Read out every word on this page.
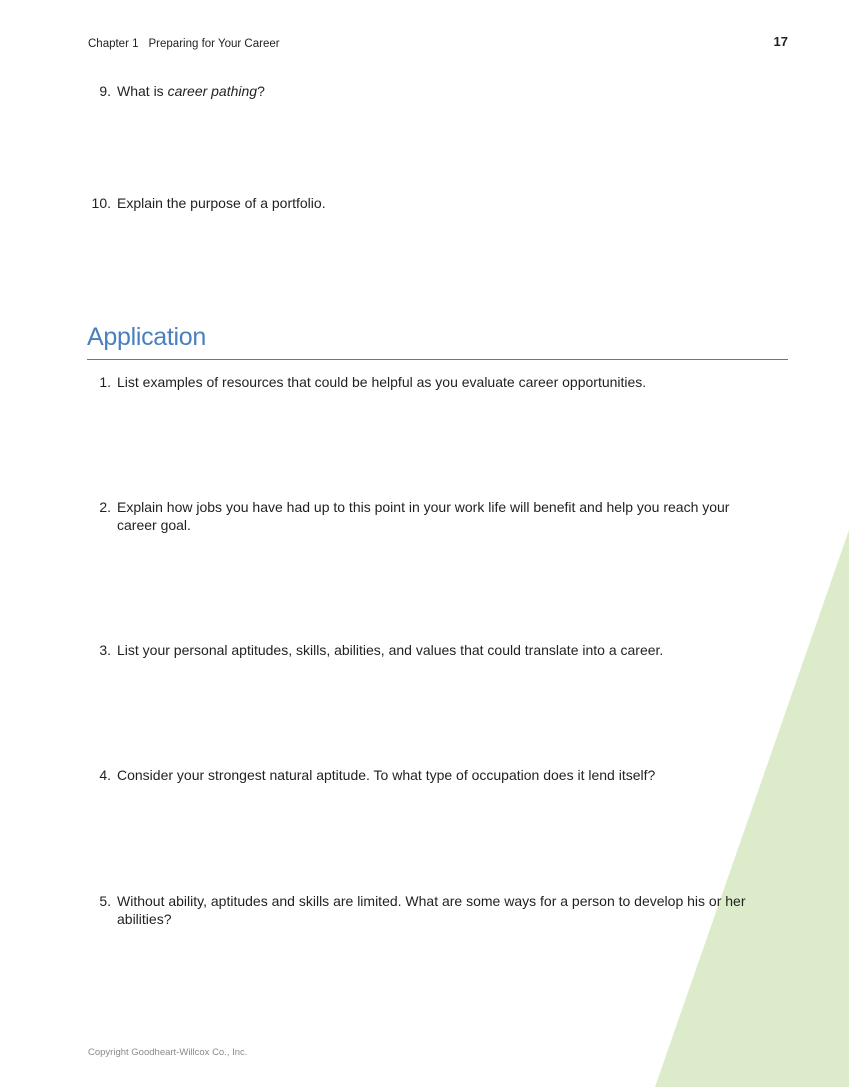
Chapter 1 Preparing for Your Career	17
9. What is career pathing?
10. Explain the purpose of a portfolio.
Application
1. List examples of resources that could be helpful as you evaluate career opportunities.
2. Explain how jobs you have had up to this point in your work life will benefit and help you reach your career goal.
3. List your personal aptitudes, skills, abilities, and values that could translate into a career.
4. Consider your strongest natural aptitude. To what type of occupation does it lend itself?
5. Without ability, aptitudes and skills are limited. What are some ways for a person to develop his or her abilities?
Copyright Goodheart-Willcox Co., Inc.
